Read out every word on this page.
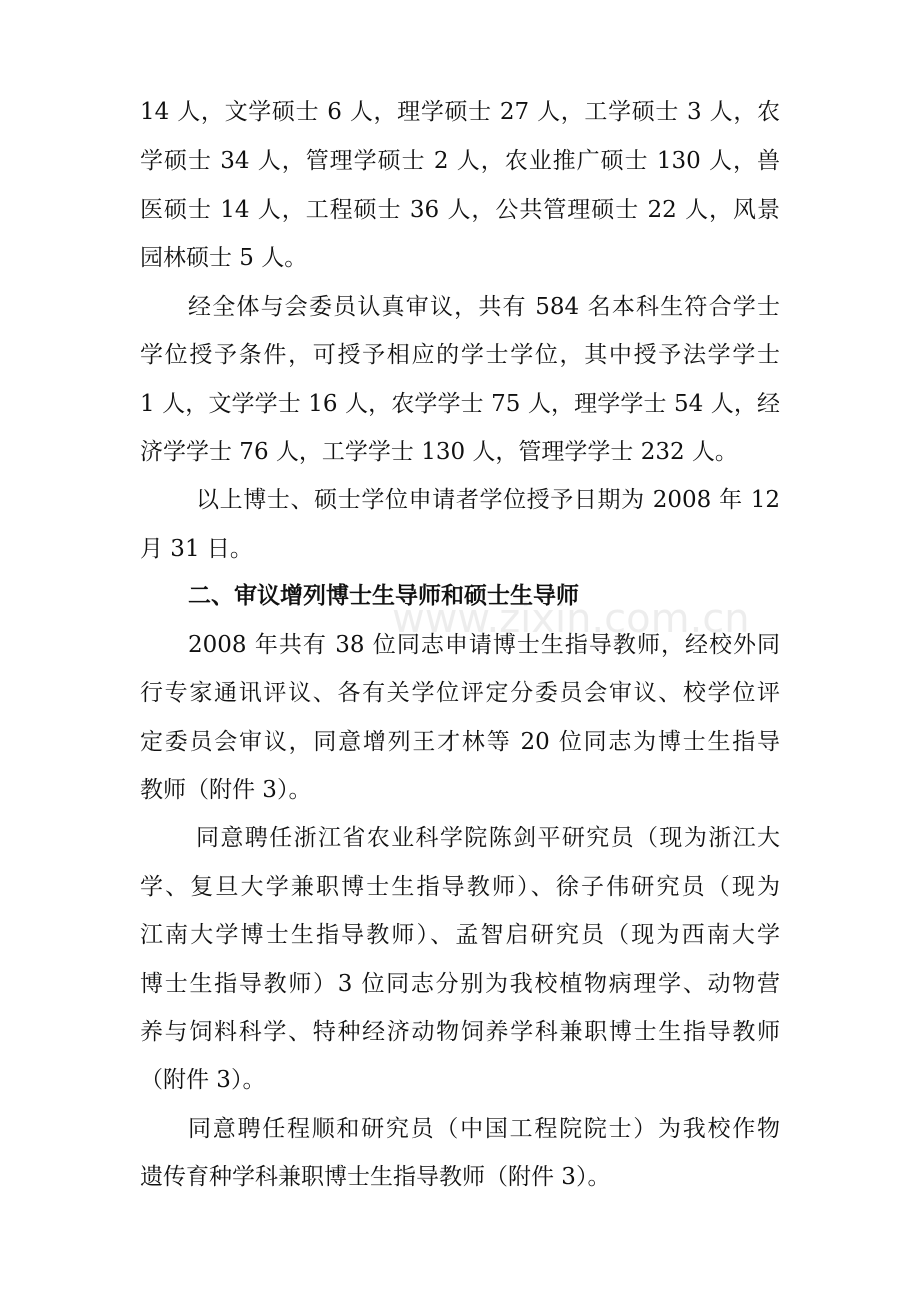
www.zixin.com.cn
14 人，文学硕士 6 人，理学硕士 27 人，工学硕士 3 人，农
学硕士 34 人，管理学硕士 2 人，农业推广硕士 130 人，兽
医硕士 14 人，工程硕士 36 人，公共管理硕士 22 人，风景
园林硕士 5 人。
经全体与会委员认真审议，共有 584 名本科生符合学士
学位授予条件，可授予相应的学士学位，其中授予法学学士
1 人，文学学士 16 人，农学学士 75 人，理学学士 54 人，经
济学学士 76 人，工学学士 130 人，管理学学士 232 人。
以上博士、硕士学位申请者学位授予日期为 2008 年 12
月 31 日。
二、审议增列博士生导师和硕士生导师
2008 年共有 38 位同志申请博士生指导教师，经校外同
行专家通讯评议、各有关学位评定分委员会审议、校学位评
定委员会审议，同意增列王才林等 20 位同志为博士生指导
教师（附件 3）。
同意聘任浙江省农业科学院陈剑平研究员（现为浙江大
学、复旦大学兼职博士生指导教师）、徐子伟研究员（现为
江南大学博士生指导教师）、孟智启研究员（现为西南大学
博士生指导教师）3 位同志分别为我校植物病理学、动物营
养与饲料科学、特种经济动物饲养学科兼职博士生指导教师
（附件 3）。
同意聘任程顺和研究员（中国工程院院士）为我校作物
遗传育种学科兼职博士生指导教师（附件 3）。
